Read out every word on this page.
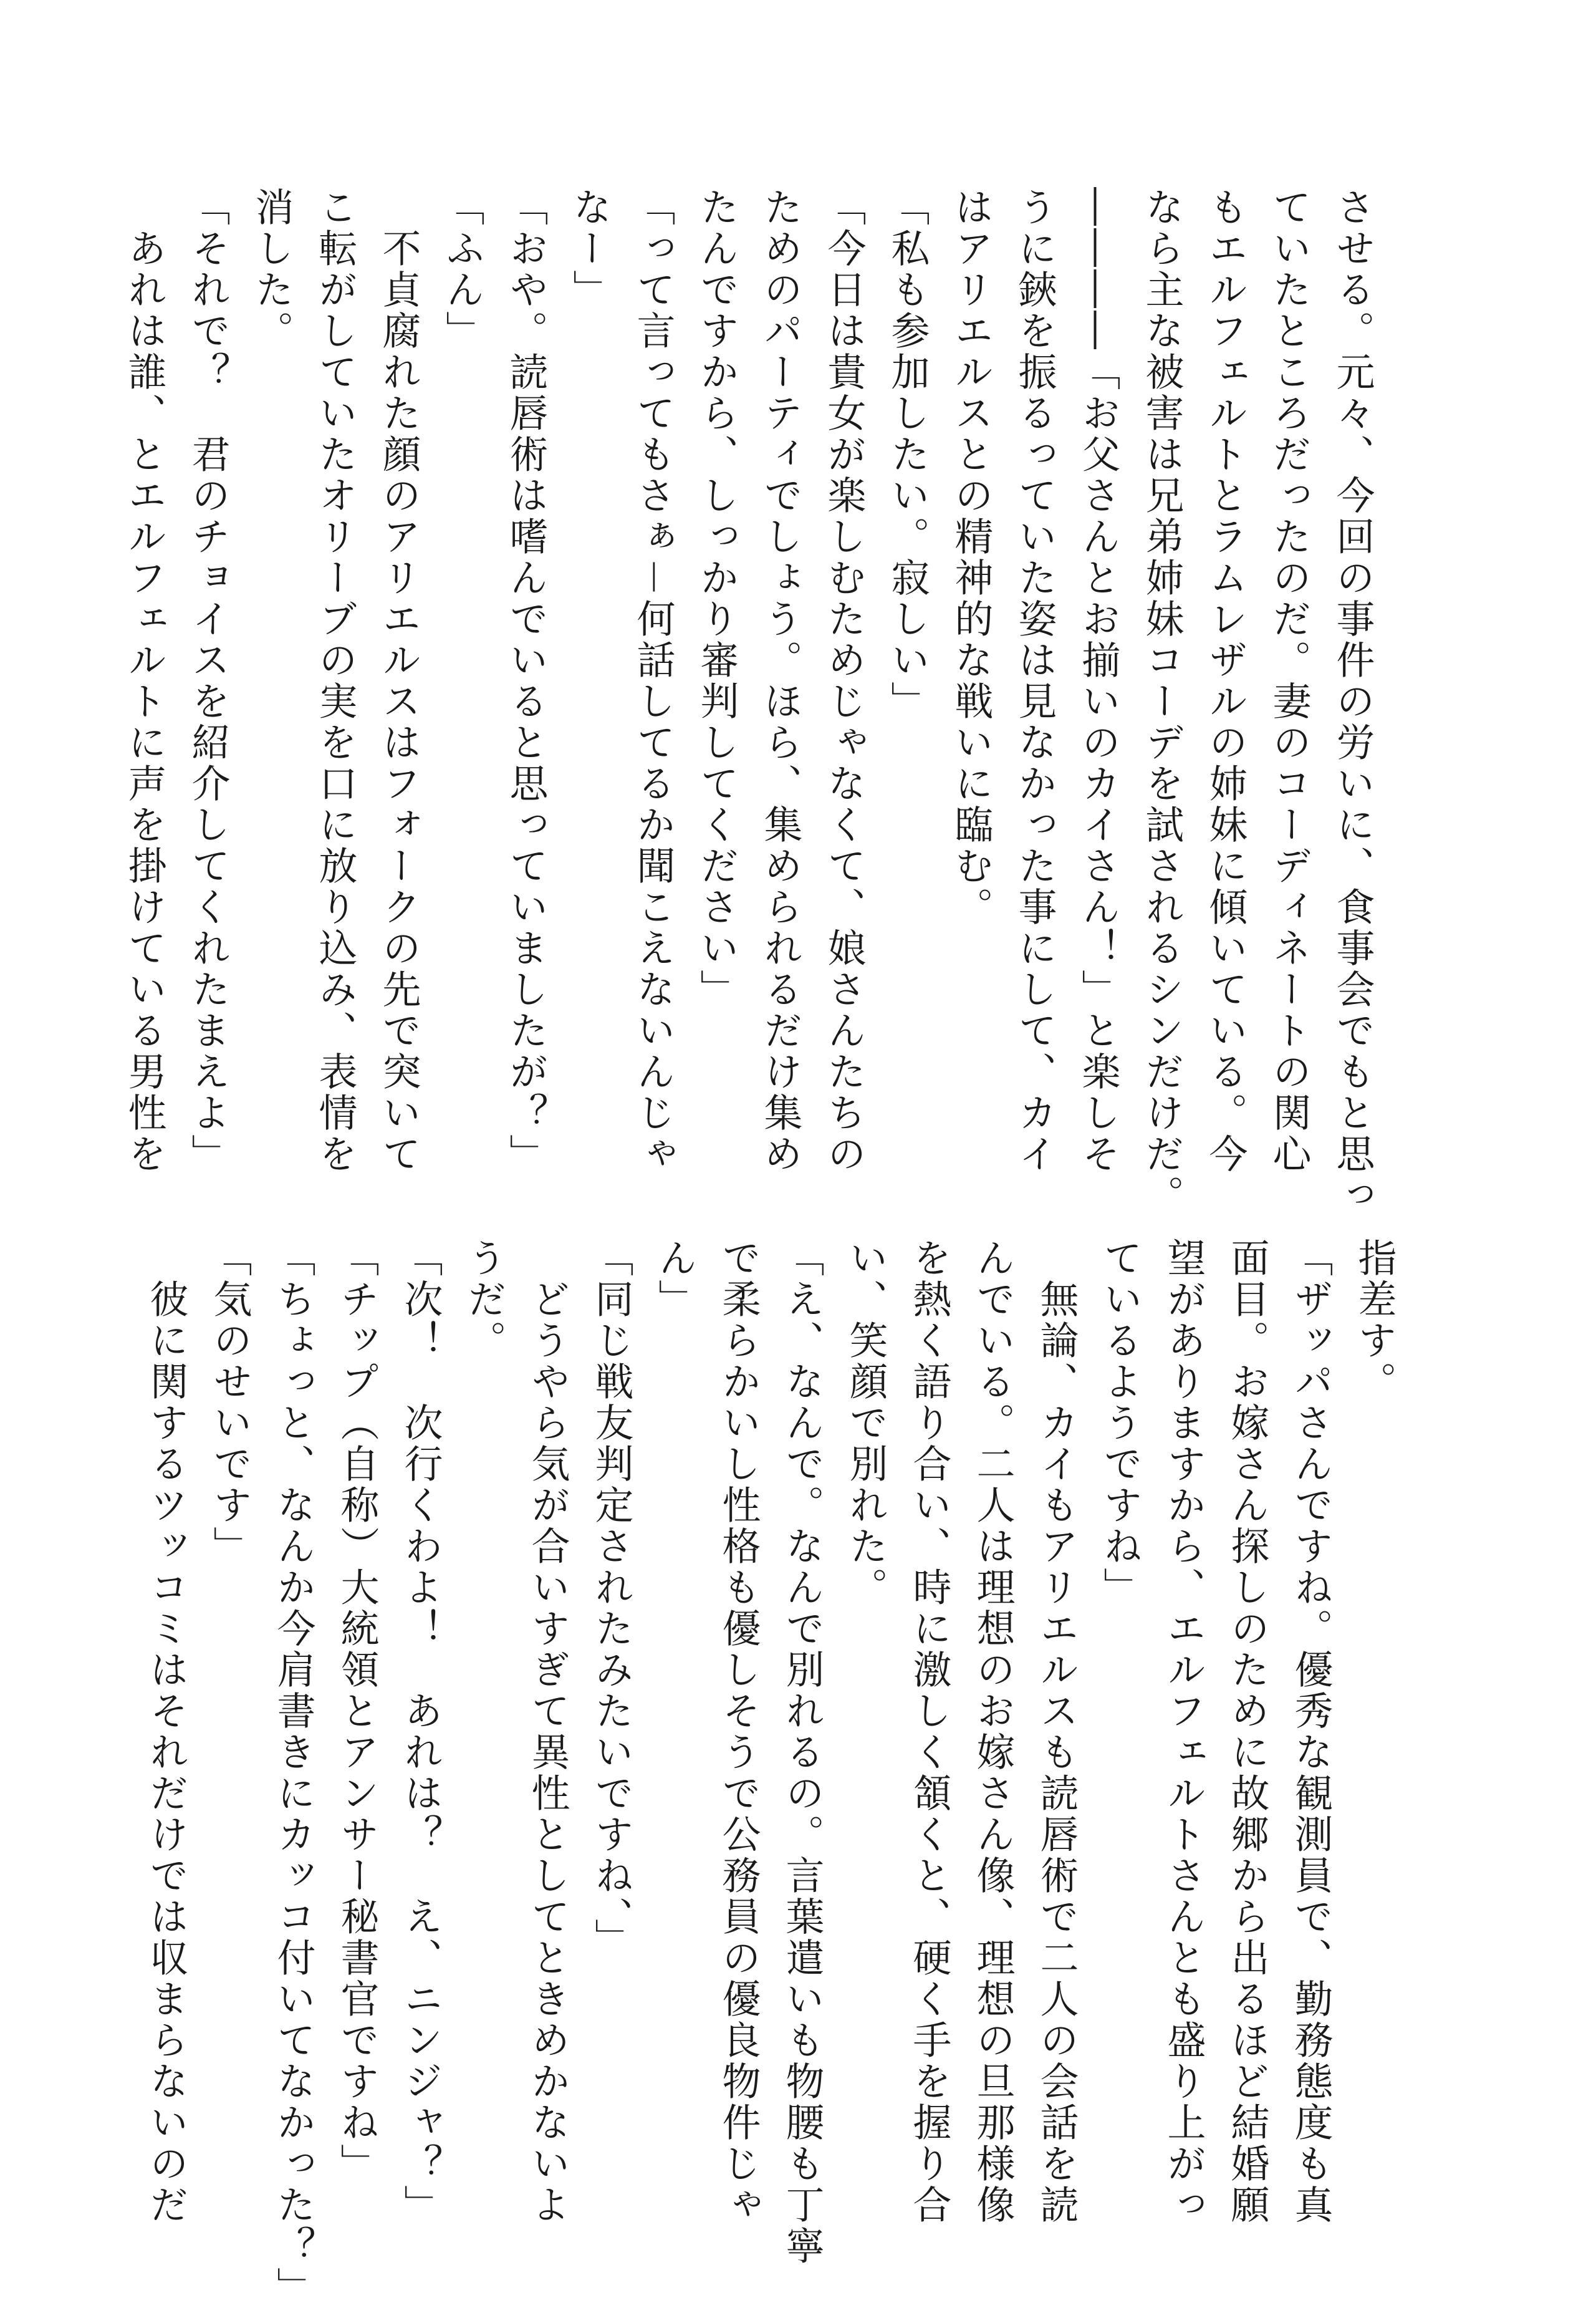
させる。元々、今回の事件の労いに、食事会でもと思っ
ていたところだったのだ。妻のコーディネートの関心
もエルフェルトとラムレザルの姉妹に傾いている。今
なら主な被害は兄弟姉妹コーデを試されるシンだけだ。
――――「お父さんとお揃いのカイさん！」と楽しそ
うに鋏を振るっていた姿は見なかった事にして、カイ
はアリエルスとの精神的な戦いに臨む。
「私も参加したい。寂しい」
「今日は貴女が楽しむためじゃなくて、娘さんたちの
ためのパーティでしょう。ほら、集められるだけ集め
たんですから、しっかり審判してください」
「って言ってもさぁ－何話してるか聞こえないんじゃ
なー」
「おや。読唇術は嗜んでいると思っていましたが？」
「ふん」
　不貞腐れた顔のアリエルスはフォークの先で突いて
こ転がしていたオリーブの実を口に放り込み、表情を
消した。
「それで？　君のチョイスを紹介してくれたまえよ」
　あれは誰、とエルフェルトに声を掛けている男性を
指差す。
「ザッパさんですね。優秀な観測員で、勤務態度も真
面目。お嫁さん探しのために故郷から出るほど結婚願
望がありますから、エルフェルトさんとも盛り上がっ
ているようですね」
　無論、カイもアリエルスも読唇術で二人の会話を読
んでいる。二人は理想のお嫁さん像、理想の旦那様像
を熱く語り合い、時に激しく頷くと、硬く手を握り合
い、笑顔で別れた。
「え、なんで。なんで別れるの。言葉遣いも物腰も丁寧
で柔らかいし性格も優しそうで公務員の優良物件じゃ
ん」
「同じ戦友判定されたみたいですね、」
　どうやら気が合いすぎて異性としてときめかないよ
うだ。
「次！　次行くわよ！　あれは？　え、ニンジャ？」
「チップ（自称）大統領とアンサー秘書官ですね」
「ちょっと、なんか今肩書きにカッコ付いてなかった？」
「気のせいです」
　彼に関するツッコミはそれだけでは収まらないのだ
